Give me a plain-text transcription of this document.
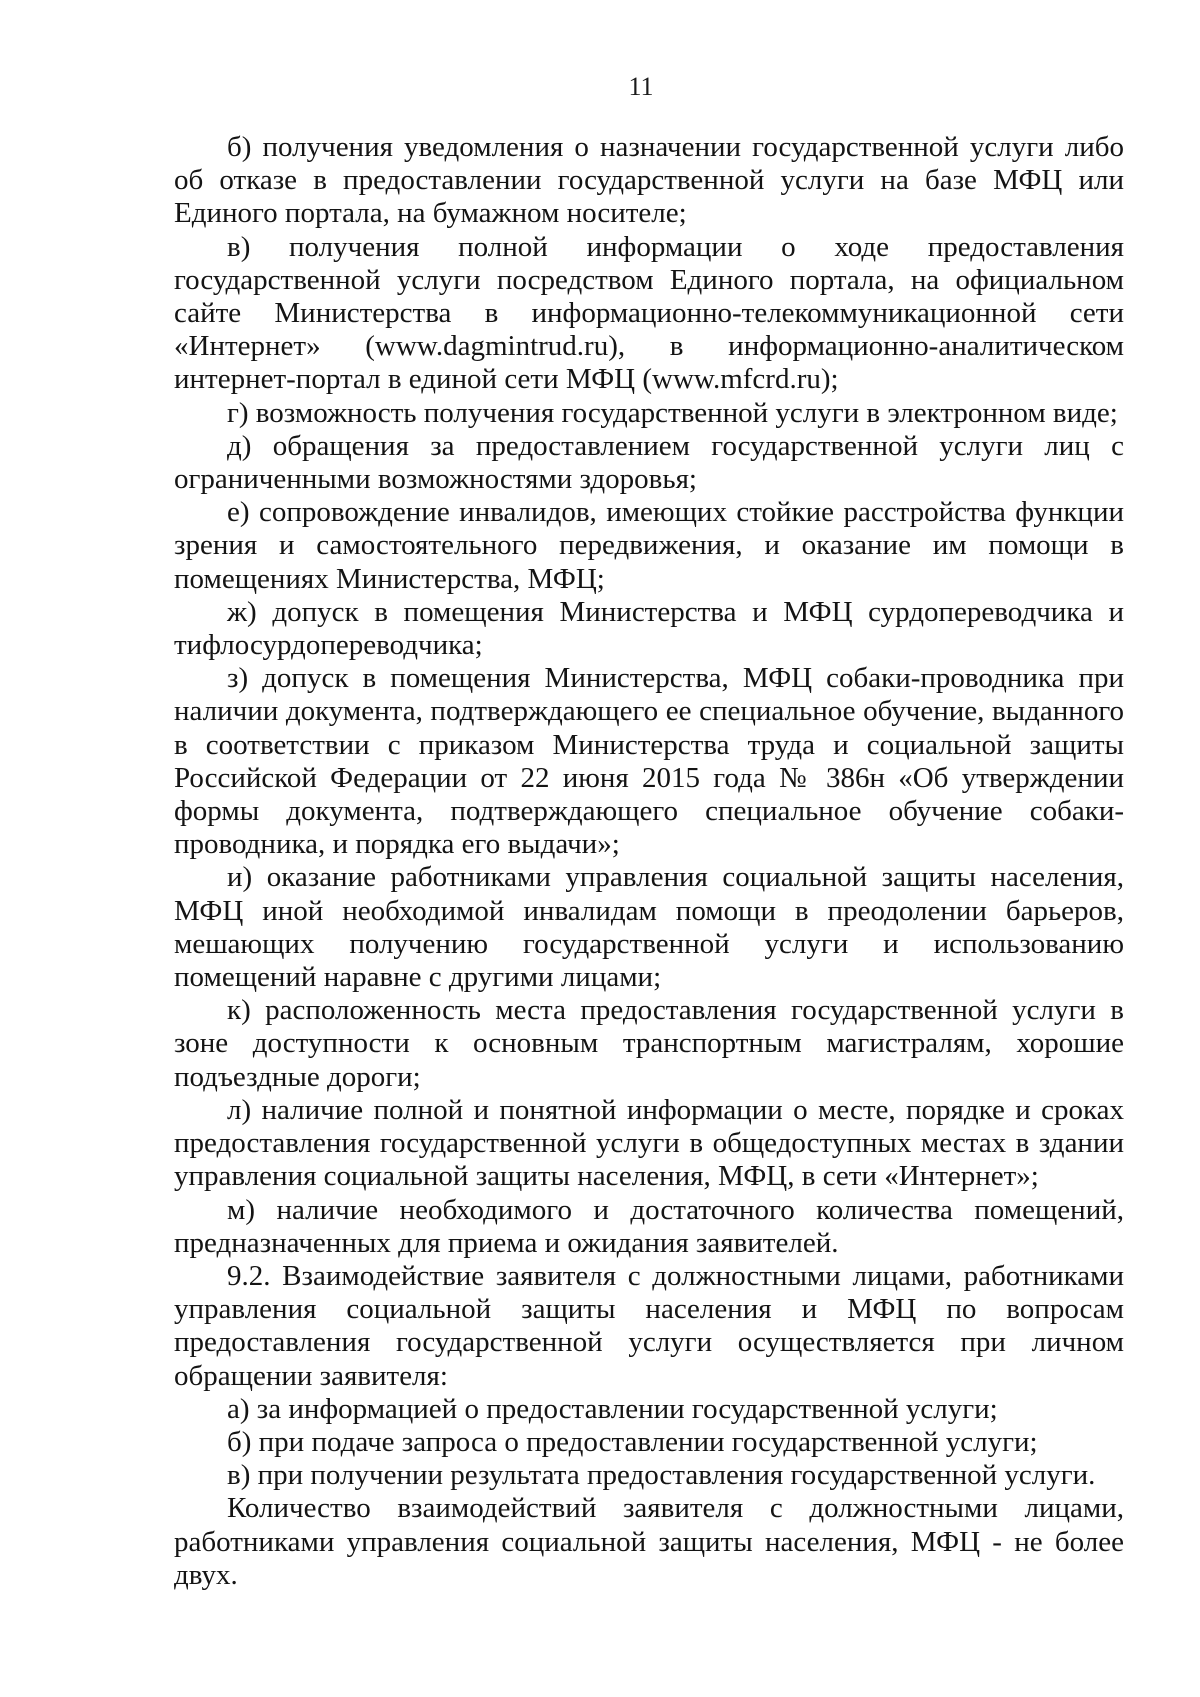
11

б) получения уведомления о назначении государственной услуги либо об отказе в предоставлении государственной услуги на базе МФЦ или Единого портала, на бумажном носителе;

в) получения полной информации о ходе предоставления государственной услуги посредством Единого портала, на официальном сайте Министерства в информационно-телекоммуникационной сети «Интернет» (www.dagmintrud.ru), в информационно-аналитическом интернет-портал в единой сети МФЦ (www.mfcrd.ru);

г) возможность получения государственной услуги в электронном виде;

д) обращения за предоставлением государственной услуги лиц с ограниченными возможностями здоровья;

е) сопровождение инвалидов, имеющих стойкие расстройства функции зрения и самостоятельного передвижения, и оказание им помощи в помещениях Министерства, МФЦ;

ж) допуск в помещения Министерства и МФЦ сурдопереводчика и тифлосурдопереводчика;

з) допуск в помещения Министерства, МФЦ собаки-проводника при наличии документа, подтверждающего ее специальное обучение, выданного в соответствии с приказом Министерства труда и социальной защиты Российской Федерации от 22 июня 2015 года № 386н «Об утверждении формы документа, подтверждающего специальное обучение собаки-проводника, и порядка его выдачи»;

и) оказание работниками управления социальной защиты населения, МФЦ иной необходимой инвалидам помощи в преодолении барьеров, мешающих получению государственной услуги и использованию помещений наравне с другими лицами;

к) расположенность места предоставления государственной услуги в зоне доступности к основным транспортным магистралям, хорошие подъездные дороги;

л) наличие полной и понятной информации о месте, порядке и сроках предоставления государственной услуги в общедоступных местах в здании управления социальной защиты населения, МФЦ, в сети «Интернет»;

м) наличие необходимого и достаточного количества помещений, предназначенных для приема и ожидания заявителей.

9.2. Взаимодействие заявителя с должностными лицами, работниками управления социальной защиты населения и МФЦ по вопросам предоставления государственной услуги осуществляется при личном обращении заявителя:

а) за информацией о предоставлении государственной услуги;

б) при подаче запроса о предоставлении государственной услуги;

в) при получении результата предоставления государственной услуги.

Количество взаимодействий заявителя с должностными лицами, работниками управления социальной защиты населения, МФЦ - не более двух.
